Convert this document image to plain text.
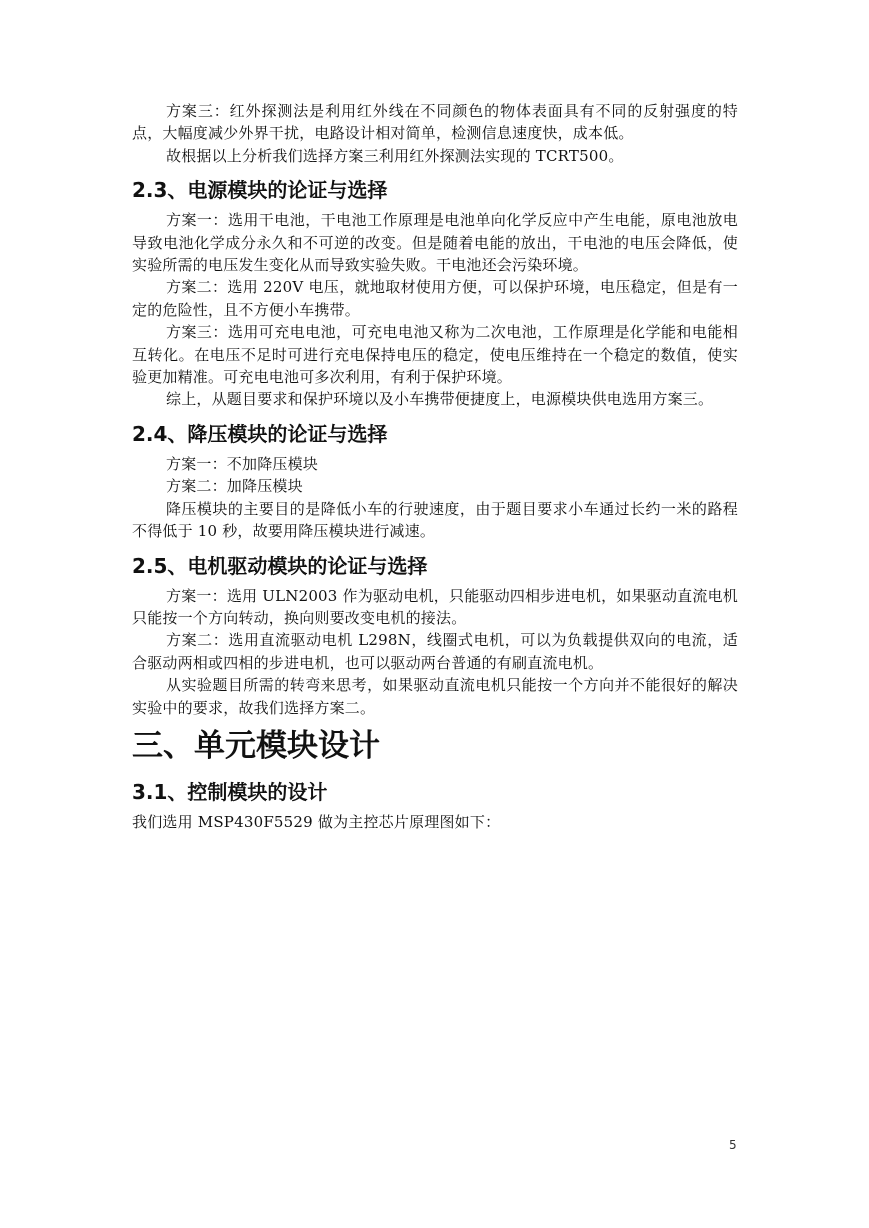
方案三：红外探测法是利用红外线在不同颜色的物体表面具有不同的反射强度的特点，大幅度减少外界干扰，电路设计相对简单，检测信息速度快，成本低。

故根据以上分析我们选择方案三利用红外探测法实现的 TCRT500。

2.3、电源模块的论证与选择

方案一：选用干电池，干电池工作原理是电池单向化学反应中产生电能，原电池放电导致电池化学成分永久和不可逆的改变。但是随着电能的放出，干电池的电压会降低，使实验所需的电压发生变化从而导致实验失败。干电池还会污染环境。

方案二：选用 220V 电压，就地取材使用方便，可以保护环境，电压稳定，但是有一定的危险性，且不方便小车携带。

方案三：选用可充电电池，可充电电池又称为二次电池，工作原理是化学能和电能相互转化。在电压不足时可进行充电保持电压的稳定，使电压维持在一个稳定的数值，使实验更加精准。可充电电池可多次利用，有利于保护环境。

综上，从题目要求和保护环境以及小车携带便捷度上，电源模块供电选用方案三。

2.4、降压模块的论证与选择

方案一：不加降压模块

方案二：加降压模块

降压模块的主要目的是降低小车的行驶速度，由于题目要求小车通过长约一米的路程不得低于 10 秒，故要用降压模块进行减速。

2.5、电机驱动模块的论证与选择

方案一：选用 ULN2003 作为驱动电机，只能驱动四相步进电机，如果驱动直流电机只能按一个方向转动，换向则要改变电机的接法。

方案二：选用直流驱动电机 L298N，线圈式电机，可以为负载提供双向的电流，适合驱动两相或四相的步进电机，也可以驱动两台普通的有刷直流电机。

从实验题目所需的转弯来思考，如果驱动直流电机只能按一个方向并不能很好的解决实验中的要求，故我们选择方案二。

三、单元模块设计
3.1、控制模块的设计

我们选用 MSP430F5529 做为主控芯片原理图如下：

5
